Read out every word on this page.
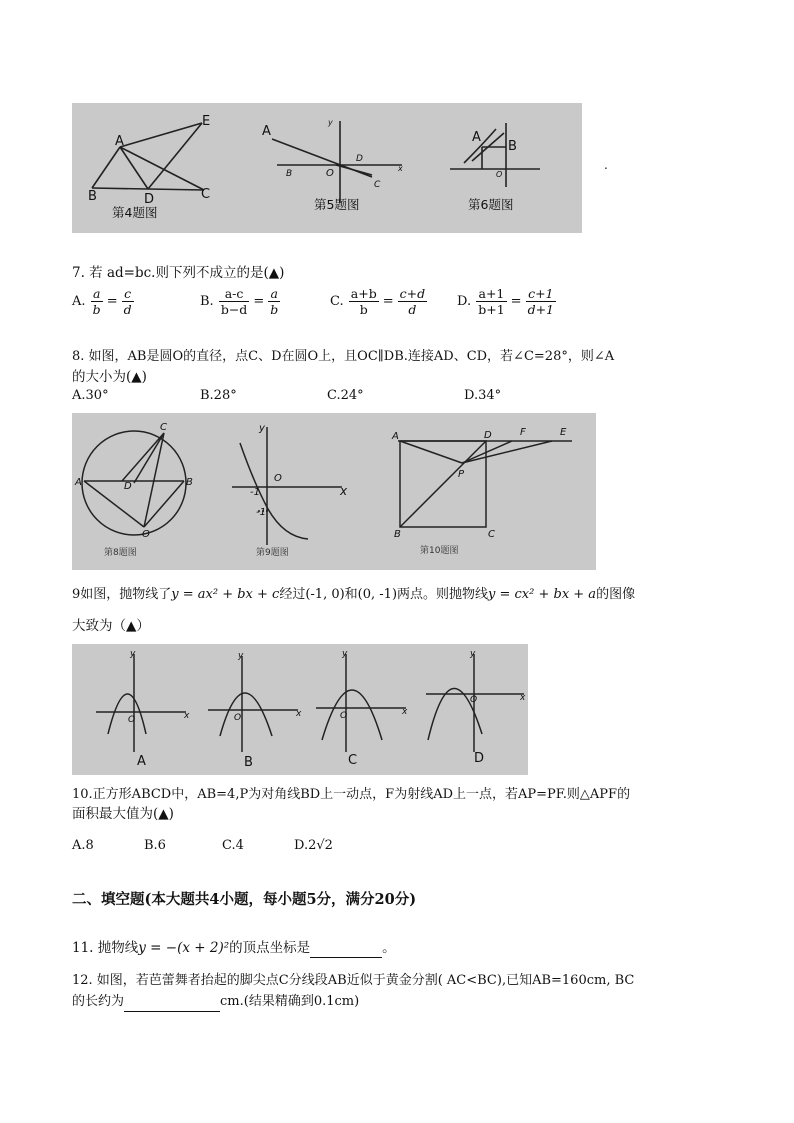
A
B	D	C
E
A
B	O
D
C
x
y
A
B
O
第4题图
第5题图	第6题图
.
7. 若 ad=bc.则下列不成立的是(▲)
A. $\frac{a}{b} = \frac{c}{d}$	B. $\frac{a-c}{b-d} = \frac{a}{b}$	C. $\frac{a+b}{b} = \frac{c+d}{d} D$. $\frac{a+1}{b+1} = \frac{c+1}{d+1}$
8. 如图，AB是圆O的直径，点C、D在圆O上，且OC∥DB.连接AD、CD，若∠C=28°，则∠A
的大小为(▲)
A.30°	B.28°	C.24°	D.34°
A	B
C
D
O
y
O
x
-1
-1
A	D	F	E
P
B	C
第8题图	第9题图	第10题图
9如图，抛物线了y = ax² + bx + c经过(-1, 0)和(0, -1)两点。则抛物线y = cx² + bx + a的图像
大致为（▲）
y
x
O
y
x
O
y
x
O
y
x
O
A	B	C	D
10.正方形ABCD中，AB=4,P为对角线BD上一动点，F为射线AD上一点，若AP=PF.则△APF的
面积最大值为(▲)
A.8	B.6	C.4	D.2√2
二、填空题(本大题共4小题，每小题5分，满分20分)
11. 抛物线y = −(x + 2)²的顶点坐标是	。
12. 如图，若芭蕾舞者抬起的脚尖点C分线段AB近似于黄金分割( AC<BC),已知AB=160cm, BC
的长约为	cm.(结果精确到0.1cm)
